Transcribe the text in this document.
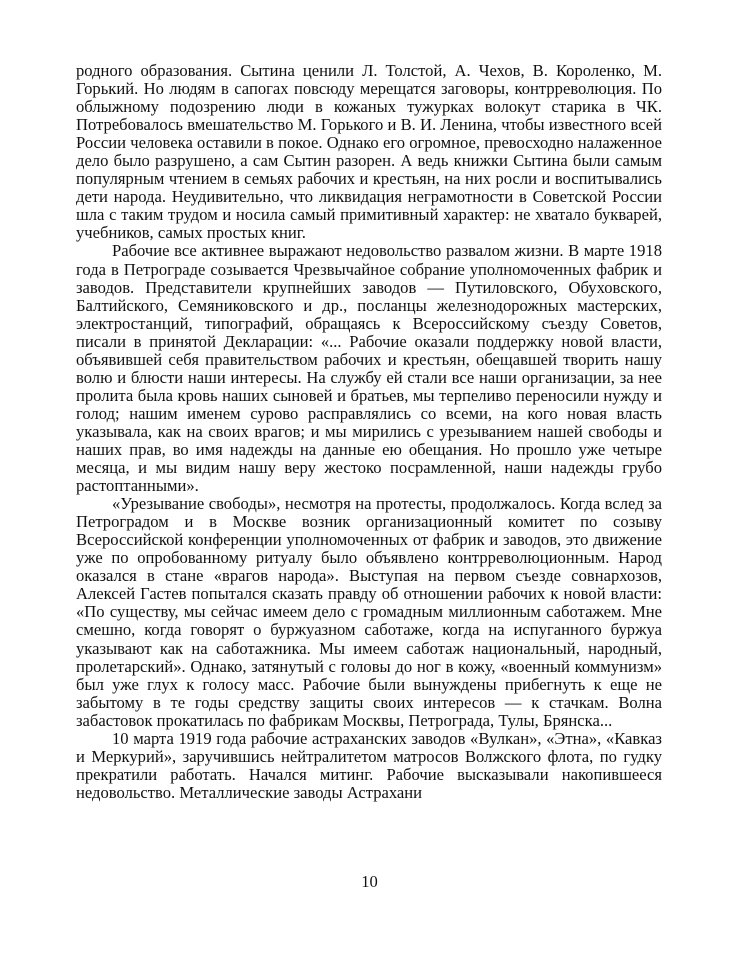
родного образования. Сытина ценили Л. Толстой, А. Чехов, В. Короленко, М. Горький. Но людям в сапогах повсюду мерещатся заговоры, контрреволюция. По облыжному подозрению люди в кожаных тужурках волокут старика в ЧК. Потребовалось вмешательство М. Горького и В. И. Ленина, чтобы известного всей России человека оставили в покое. Однако его огромное, превосходно налаженное дело было разрушено, а сам Сытин разорен. А ведь книжки Сытина были самым популярным чтением в семьях рабочих и крестьян, на них росли и воспитывались дети народа. Неудивительно, что ликвидация неграмотности в Советской России шла с таким трудом и носила самый примитивный характер: не хватало букварей, учебников, самых простых книг.

Рабочие все активнее выражают недовольство развалом жизни. В марте 1918 года в Петрограде созывается Чрезвычайное собрание уполномоченных фабрик и заводов. Представители крупнейших заводов — Путиловского, Обуховского, Балтийского, Семяниковского и др., посланцы железнодорожных мастерских, электростанций, типографий, обращаясь к Всероссийскому съезду Советов, писали в принятой Декларации: «... Рабочие оказали поддержку новой власти, объявившей себя правительством рабочих и крестьян, обещавшей творить нашу волю и блюсти наши интересы. На службу ей стали все наши организации, за нее пролита была кровь наших сыновей и братьев, мы терпеливо переносили нужду и голод; нашим именем сурово расправлялись со всеми, на кого новая власть указывала, как на своих врагов; и мы мирились с урезыванием нашей свободы и наших прав, во имя надежды на данные ею обещания. Но прошло уже четыре месяца, и мы видим нашу веру жестоко посрамленной, наши надежды грубо растоптанными».

«Урезывание свободы», несмотря на протесты, продолжалось. Когда вслед за Петроградом и в Москве возник организационный комитет по созыву Всероссийской конференции уполномоченных от фабрик и заводов, это движение уже по опробованному ритуалу было объявлено контрреволюционным. Народ оказался в стане «врагов народа». Выступая на первом съезде совнархозов, Алексей Гастев попытался сказать правду об отношении рабочих к новой власти: «По существу, мы сейчас имеем дело с громадным миллионным саботажем. Мне смешно, когда говорят о буржуазном саботаже, когда на испуганного буржуа указывают как на саботажника. Мы имеем саботаж национальный, народный, пролетарский». Однако, затянутый с головы до ног в кожу, «военный коммунизм» был уже глух к голосу масс. Рабочие были вынуждены прибегнуть к еще не забытому в те годы средству защиты своих интересов — к стачкам. Волна забастовок прокатилась по фабрикам Москвы, Петрограда, Тулы, Брянска...

10 марта 1919 года рабочие астраханских заводов «Вулкан», «Этна», «Кавказ и Меркурий», заручившись нейтралитетом матросов Волжского флота, по гудку прекратили работать. Начался митинг. Рабочие высказывали накопившееся недовольство. Металлические заводы Астрахани

10
